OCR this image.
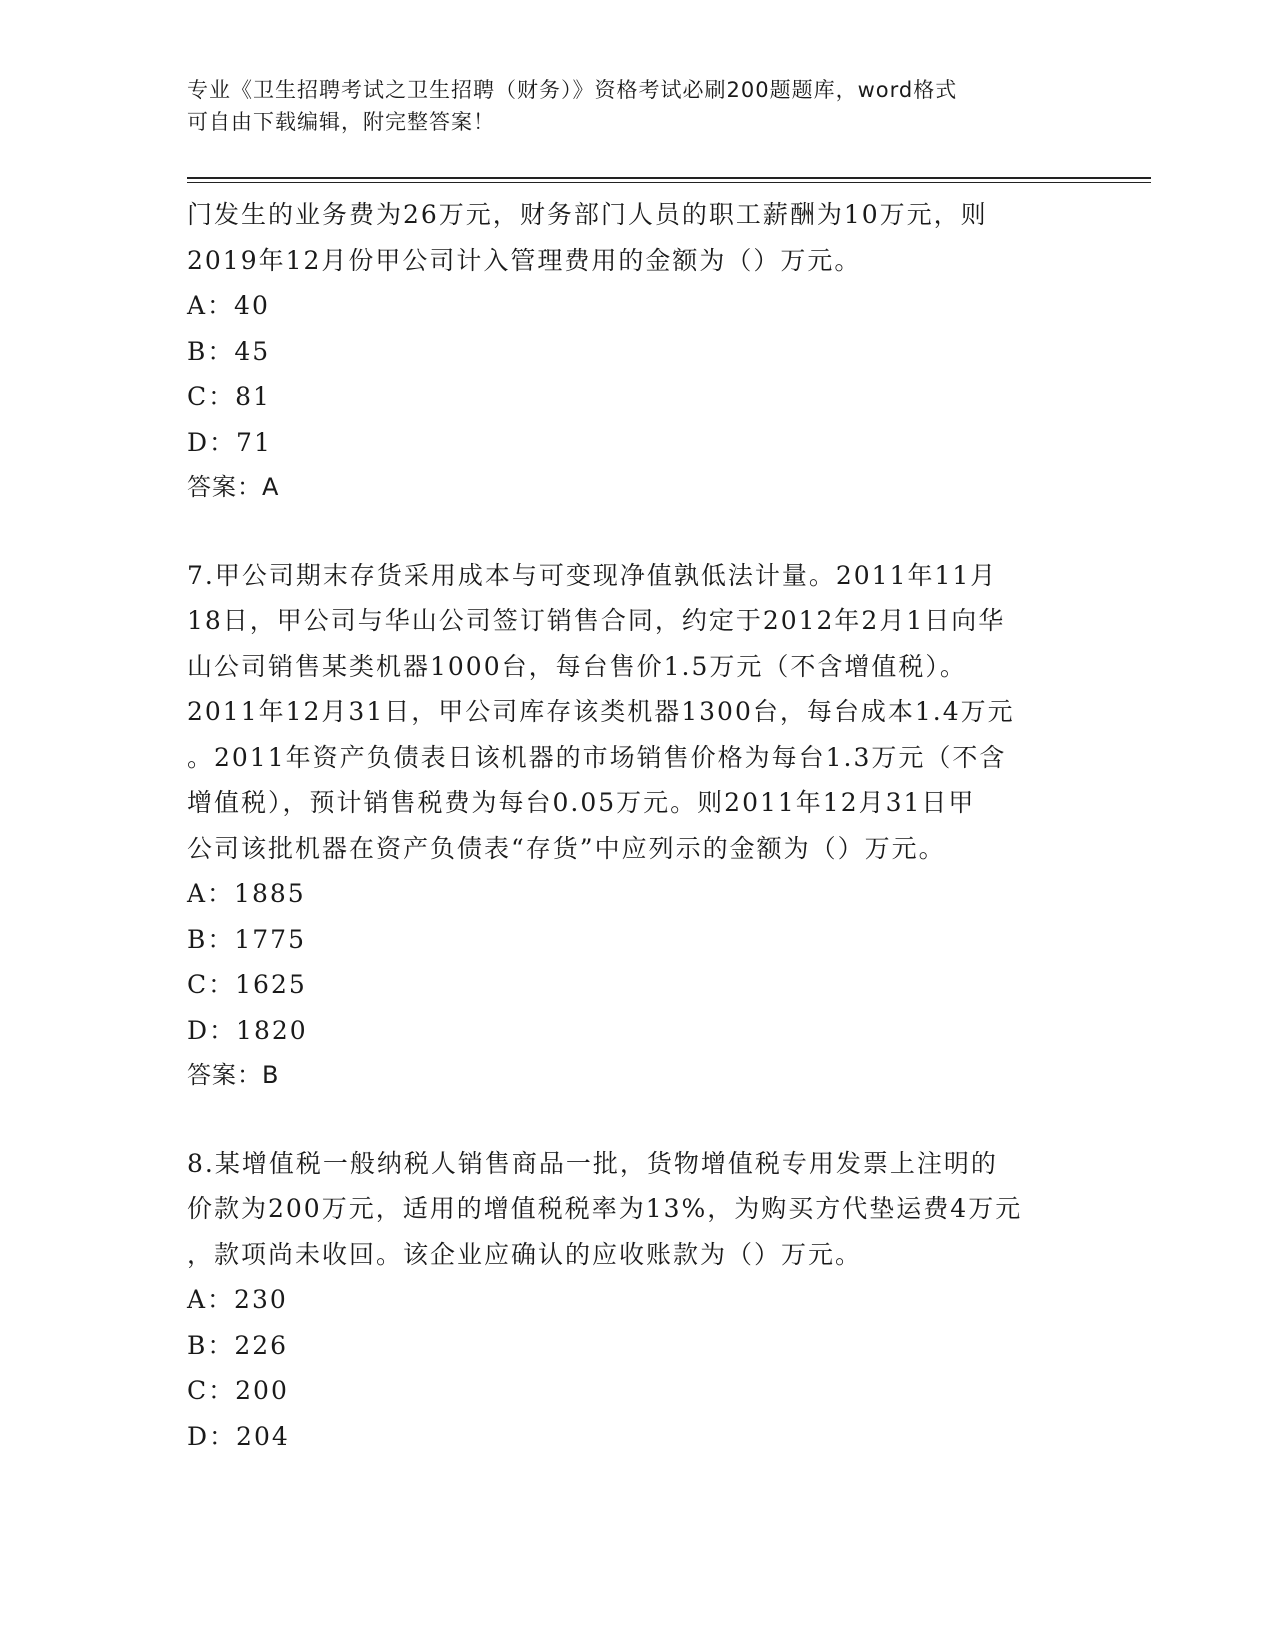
专业《卫生招聘考试之卫生招聘（财务）》资格考试必刷200题题库，word格式
可自由下载编辑，附完整答案！
门发生的业务费为26万元，财务部门人员的职工薪酬为10万元，则
2019年12月份甲公司计入管理费用的金额为（）万元。
A：40
B：45
C：81
D：71
答案：A
7.甲公司期末存货采用成本与可变现净值孰低法计量。2011年11月
18日，甲公司与华山公司签订销售合同，约定于2012年2月1日向华
山公司销售某类机器1000台，每台售价1.5万元（不含增值税）。
2011年12月31日，甲公司库存该类机器1300台，每台成本1.4万元
。2011年资产负债表日该机器的市场销售价格为每台1.3万元（不含
增值税），预计销售税费为每台0.05万元。则2011年12月31日甲
公司该批机器在资产负债表“存货”中应列示的金额为（）万元。
A：1885
B：1775
C：1625
D：1820
答案：B
8.某增值税一般纳税人销售商品一批，货物增值税专用发票上注明的
价款为200万元，适用的增值税税率为13%，为购买方代垫运费4万元
，款项尚未收回。该企业应确认的应收账款为（）万元。
A：230
B：226
C：200
D：204
